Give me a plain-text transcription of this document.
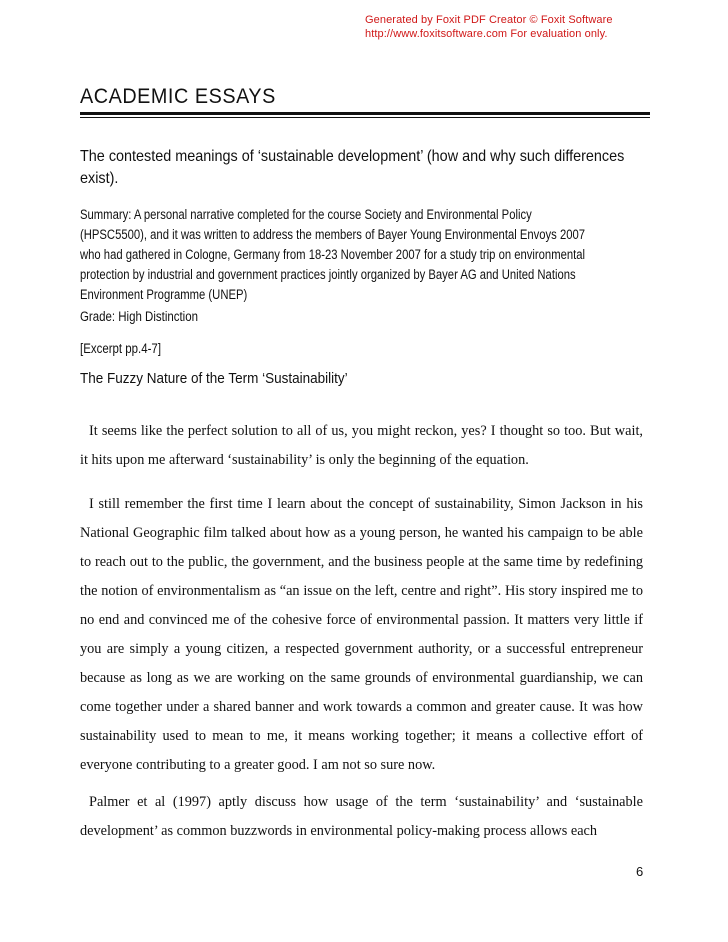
Generated by Foxit PDF Creator © Foxit Software
http://www.foxitsoftware.com For evaluation only.
ACADEMIC ESSAYS
The contested meanings of ‘sustainable development’ (how and why such differences exist).
Summary: A personal narrative completed for the course Society and Environmental Policy (HPSC5500), and it was written to address the members of Bayer Young Environmental Envoys 2007 who had gathered in Cologne, Germany from 18-23 November 2007 for a study trip on environmental protection by industrial and government practices jointly organized by Bayer AG and United Nations Environment Programme (UNEP)
Grade: High Distinction
[Excerpt pp.4-7]
The Fuzzy Nature of the Term ‘Sustainability’
It seems like the perfect solution to all of us, you might reckon, yes? I thought so too. But wait, it hits upon me afterward ‘sustainability’ is only the beginning of the equation.
I still remember the first time I learn about the concept of sustainability, Simon Jackson in his National Geographic film talked about how as a young person, he wanted his campaign to be able to reach out to the public, the government, and the business people at the same time by redefining the notion of environmentalism as “an issue on the left, centre and right”. His story inspired me to no end and convinced me of the cohesive force of environmental passion. It matters very little if you are simply a young citizen, a respected government authority, or a successful entrepreneur because as long as we are working on the same grounds of environmental guardianship, we can come together under a shared banner and work towards a common and greater cause. It was how sustainability used to mean to me, it means working together; it means a collective effort of everyone contributing to a greater good. I am not so sure now.
Palmer et al (1997) aptly discuss how usage of the term ‘sustainability’ and ‘sustainable development’ as common buzzwords in environmental policy-making process allows each
6
